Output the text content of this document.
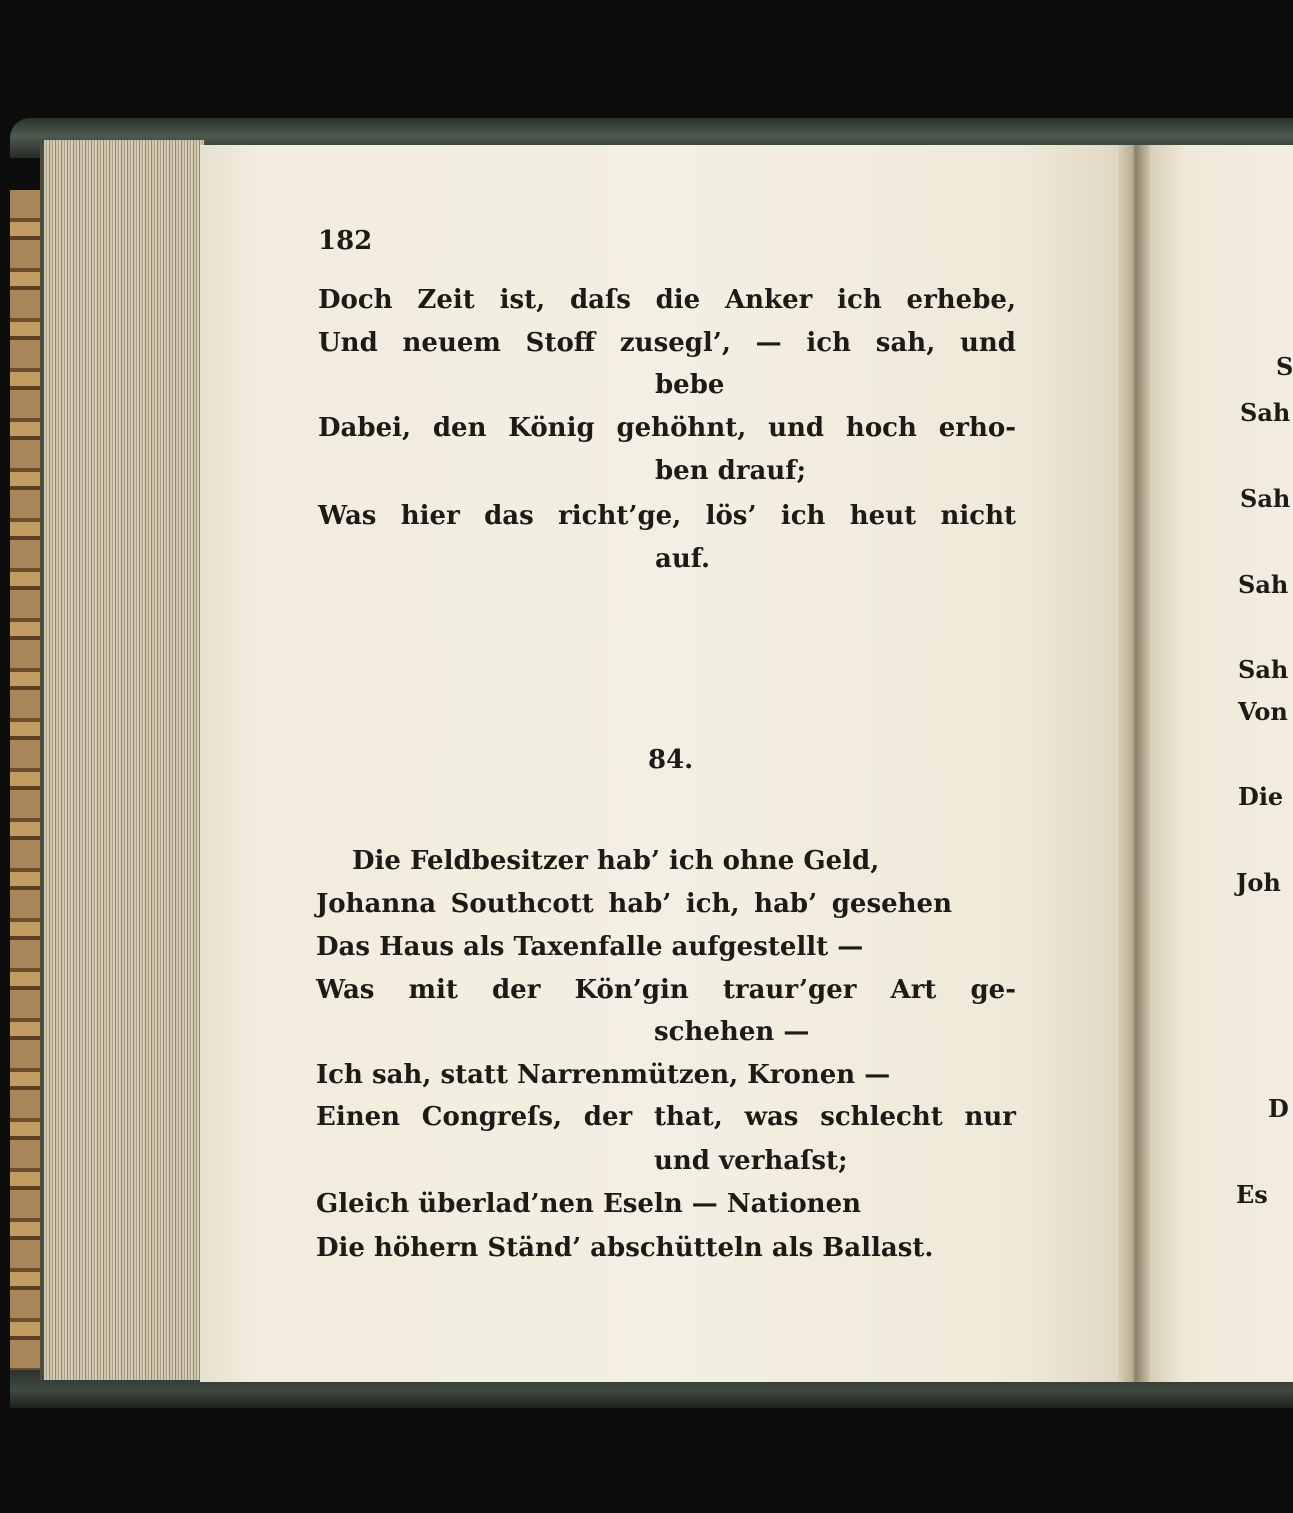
182
Doch Zeit ist, daſs die Anker ich erhebe,
Und neuem Stoff zusegl’, — ich sah, und
bebe
Dabei, den König gehöhnt, und hoch erho-
ben drauf;
Was hier das richt’ge, lös’ ich heut nicht
auf.
84.
Die Feldbesitzer hab’ ich ohne Geld,
Johanna Southcott hab’ ich, hab’ gesehen
Das Haus als Taxenfalle aufgestellt —
Was mit der Kön’gin traur’ger Art ge-
schehen —
Ich sah, statt Narrenmützen, Kronen —
Einen Congreſs, der that, was schlecht nur
und verhaſst;
Gleich überlad’nen Eseln — Nationen
Die höhern Ständ’ abschütteln als Ballast.
S
Sah
Sah
Sah
Sah
Von
Die
Joh
D
Es
